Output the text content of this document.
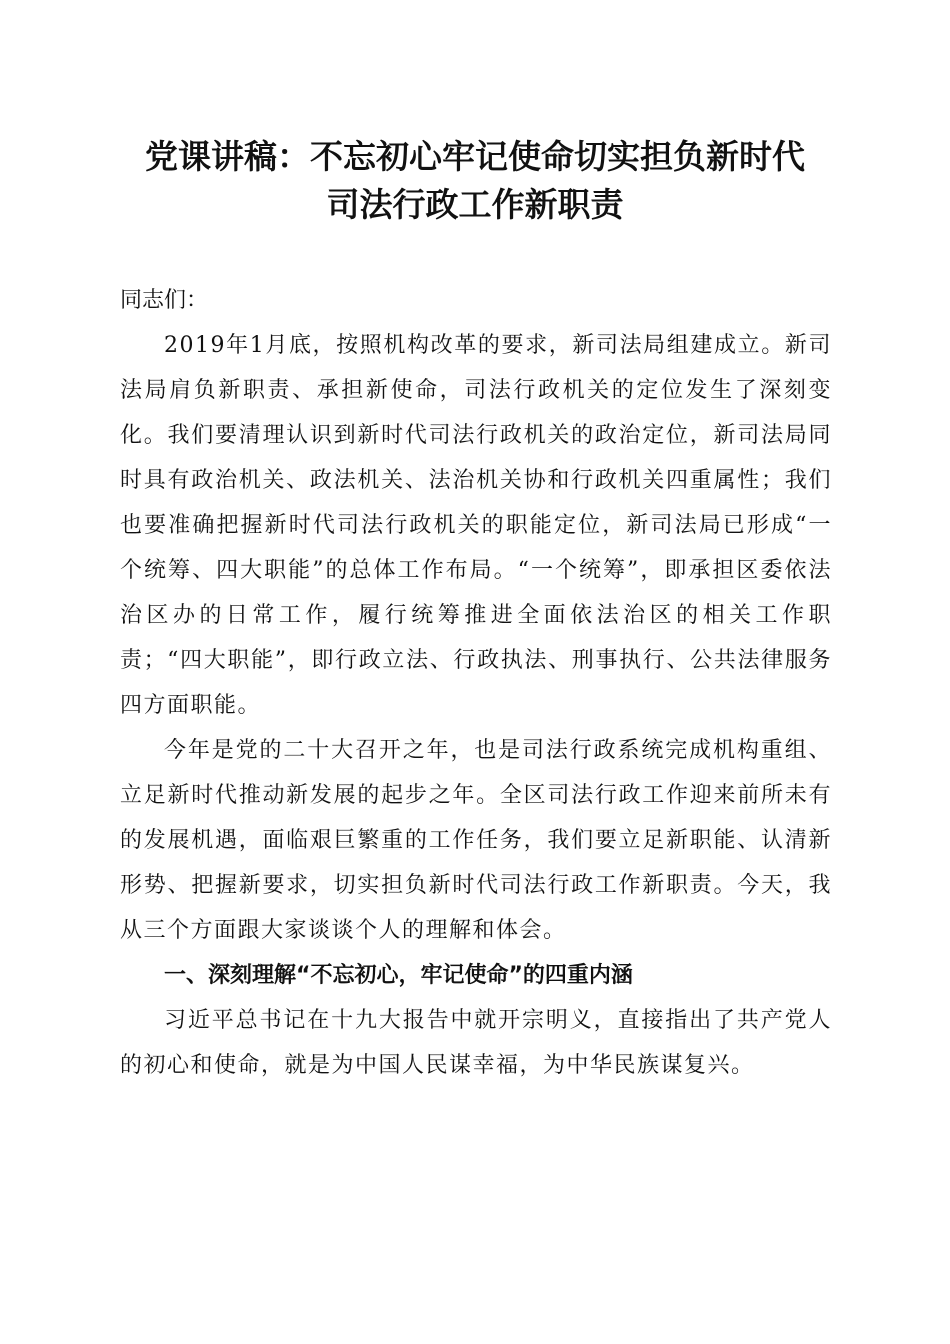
党课讲稿：不忘初心牢记使命切实担负新时代
司法行政工作新职责

同志们：

2019年1月底，按照机构改革的要求，新司法局组建成立。新司法局肩负新职责、承担新使命，司法行政机关的定位发生了深刻变化。我们要清理认识到新时代司法行政机关的政治定位，新司法局同时具有政治机关、政法机关、法治机关协和行政机关四重属性；我们也要准确把握新时代司法行政机关的职能定位，新司法局已形成“一个统筹、四大职能”的总体工作布局。“一个统筹”，即承担区委依法治区办的日常工作，履行统筹推进全面依法治区的相关工作职责；“四大职能”，即行政立法、行政执法、刑事执行、公共法律服务四方面职能。

今年是党的二十大召开之年，也是司法行政系统完成机构重组、立足新时代推动新发展的起步之年。全区司法行政工作迎来前所未有的发展机遇，面临艰巨繁重的工作任务，我们要立足新职能、认清新形势、把握新要求，切实担负新时代司法行政工作新职责。今天，我从三个方面跟大家谈谈个人的理解和体会。

一、深刻理解“不忘初心，牢记使命”的四重内涵

习近平总书记在十九大报告中就开宗明义，直接指出了共产党人的初心和使命，就是为中国人民谋幸福，为中华民族谋复兴。
